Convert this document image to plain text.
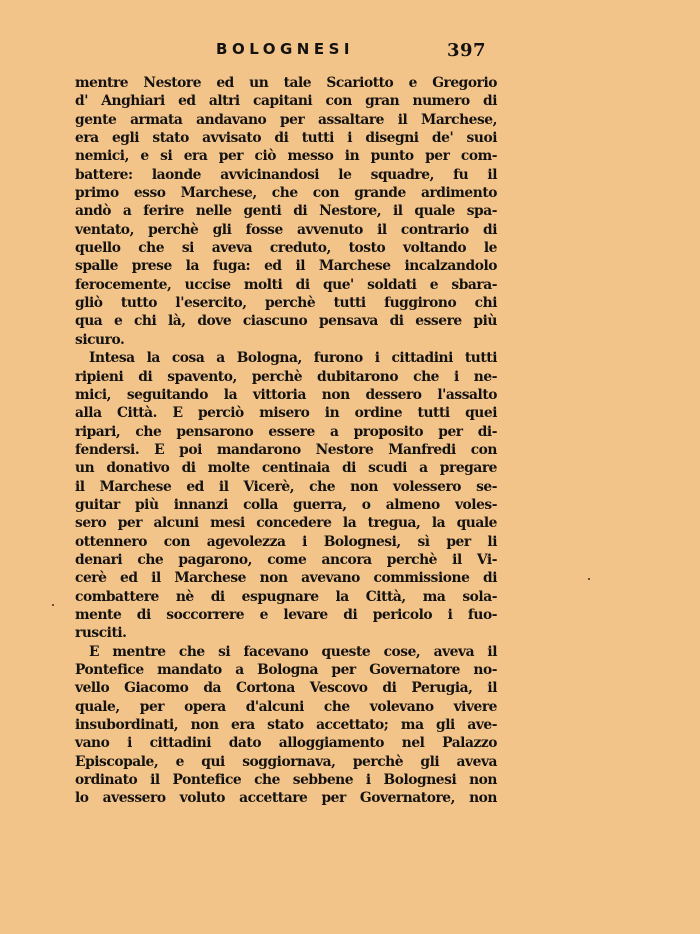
BOLOGNESI	397
mentre Nestore ed un tale Scariotto e Gregorio
d' Anghiari ed altri capitani con gran numero di
gente armata andavano per assaltare il Marchese,
era egli stato avvisato di tutti i disegni de' suoi
nemici, e si era per ciò messo in punto per com-
battere: laonde avvicinandosi le squadre, fu il
primo esso Marchese, che con grande ardimento
andò a ferire nelle genti di Nestore, il quale spa-
ventato, perchè gli fosse avvenuto il contrario di
quello che si aveva creduto, tosto voltando le
spalle prese la fuga: ed il Marchese incalzandolo
ferocemente, uccise molti di que' soldati e sbara-
gliò tutto l'esercito, perchè tutti fuggirono chi
qua e chi là, dove ciascuno pensava di essere più
sicuro.
Intesa la cosa a Bologna, furono i cittadini tutti
ripieni di spavento, perchè dubitarono che i ne-
mici, seguitando la vittoria non dessero l'assalto
alla Città. E perciò misero in ordine tutti quei
ripari, che pensarono essere a proposito per di-
fendersi. E poi mandarono Nestore Manfredi con
un donativo di molte centinaia di scudi a pregare
il Marchese ed il Vicerè, che non volessero se-
guitar più innanzi colla guerra, o almeno voles-
sero per alcuni mesi concedere la tregua, la quale
ottennero con agevolezza i Bolognesi, sì per li
denari che pagarono, come ancora perchè il Vi-
cerè ed il Marchese non avevano commissione di
combattere nè di espugnare la Città, ma sola-
mente di soccorrere e levare di pericolo i fuo-
rusciti.
E mentre che si facevano queste cose, aveva il
Pontefice mandato a Bologna per Governatore no-
vello Giacomo da Cortona Vescovo di Perugia, il
quale, per opera d'alcuni che volevano vivere
insubordinati, non era stato accettato; ma gli ave-
vano i cittadini dato alloggiamento nel Palazzo
Episcopale, e qui soggiornava, perchè gli aveva
ordinato il Pontefice che sebbene i Bolognesi non
lo avessero voluto accettare per Governatore, non
